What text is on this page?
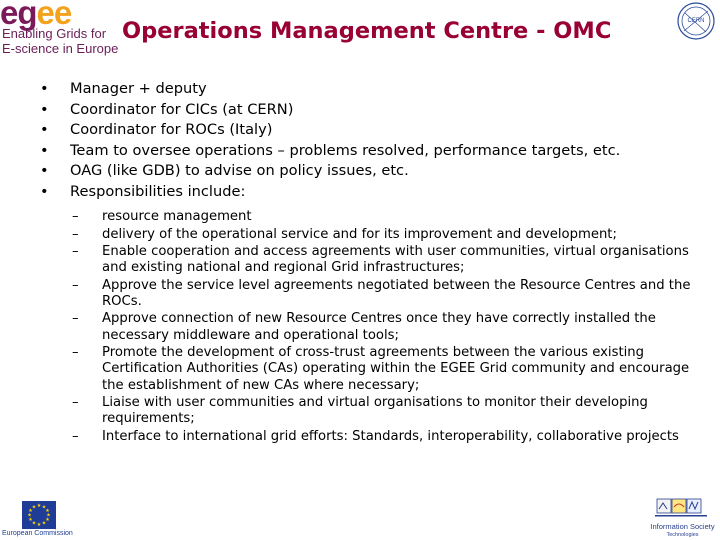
egee
Enabling Grids for
E-science in Europe
Operations Management Centre - OMC	CERN
• Manager + deputy
• Coordinator for CICs (at CERN)
• Coordinator for ROCs (Italy)
• Team to oversee operations – problems resolved, performance targets, etc.
• OAG (like GDB) to advise on policy issues, etc.
• Responsibilities include:
– resource management
– delivery of the operational service and for its improvement and development;
– Enable cooperation and access agreements with user communities, virtual organisations and existing national and regional Grid infrastructures;
– Approve the service level agreements negotiated between the Resource Centres and the ROCs.
– Approve connection of new Resource Centres once they have correctly installed the necessary middleware and operational tools;
– Promote the development of cross-trust agreements between the various existing Certification Authorities (CAs) operating within the EGEE Grid community and encourage the establishment of new CAs where necessary;
– Liaise with user communities and virtual organisations to monitor their developing requirements;
– Interface to international grid efforts: Standards, interoperability, collaborative projects
★ ★
★
★
★
★
★
★
★
★
★
★
European Commission
Information Society
Technologies
